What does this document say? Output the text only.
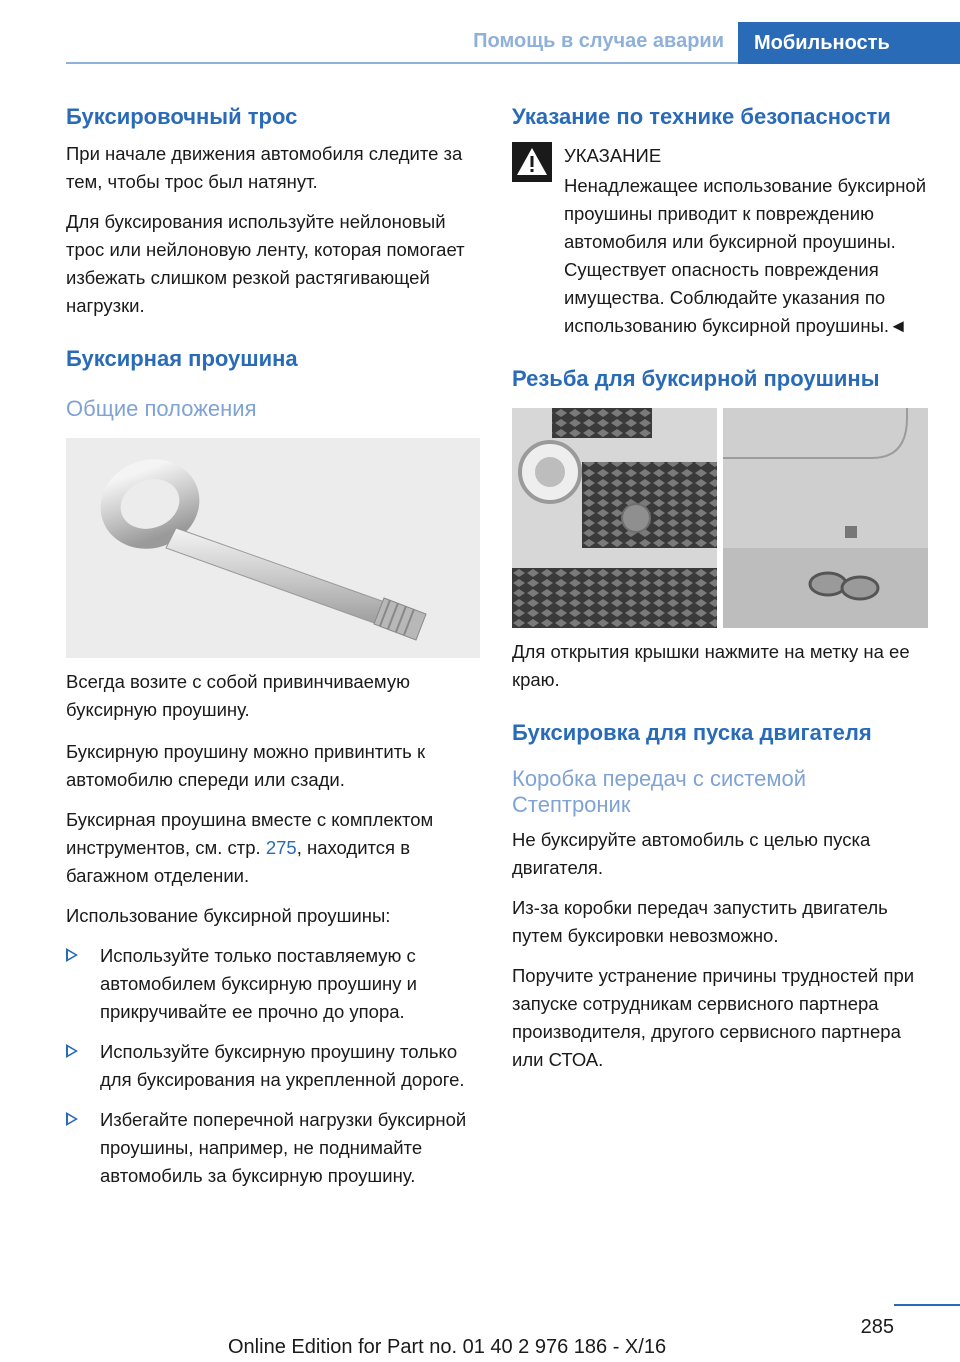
Помощь в случае аварии	Мобильность
Буксировочный трос

При начале движения автомобиля следите за тем, чтобы трос был натянут.

Для буксирования используйте нейлоновый трос или нейлоновую ленту, которая помогает избежать слишком резкой растягивающей нагрузки.

Буксирная проушина
Общие положения

Всегда возите с собой привинчиваемую буксирную проушину.

Буксирную проушину можно привинтить к автомобилю спереди или сзади.

Буксирная проушина вместе с комплектом инструментов, см. стр. 275, находится в багажном отделении.

Использование буксирной проушины:

Используйте только поставляемую с автомобилем буксирную проушину и прикручивайте ее прочно до упора.
Используйте буксирную проушину только для буксирования на укрепленной дороге.
Избегайте поперечной нагрузки буксирной проушины, например, не поднимайте автомобиль за буксирную проушину.
Указание по технике безопасности

УКАЗАНИЕ

Ненадлежащее использование буксирной проушины приводит к повреждению автомобиля или буксирной проушины. Существует опасность повреждения имущества. Соблюдайте указания по использованию буксирной проушины.◄

Резьба для буксирной проушины

Для открытия крышки нажмите на метку на ее краю.

Буксировка для пуска двигателя
Коробка передач с системой Стептроник

Не буксируйте автомобиль с целью пуска двигателя.

Из-за коробки передач запустить двигатель путем буксировки невозможно.

Поручите устранение причины трудностей при запуске сотрудникам сервисного партнера производителя, другого сервисного партнера или СТОА.

285
Online Edition for Part no. 01 40 2 976 186 - X/16
